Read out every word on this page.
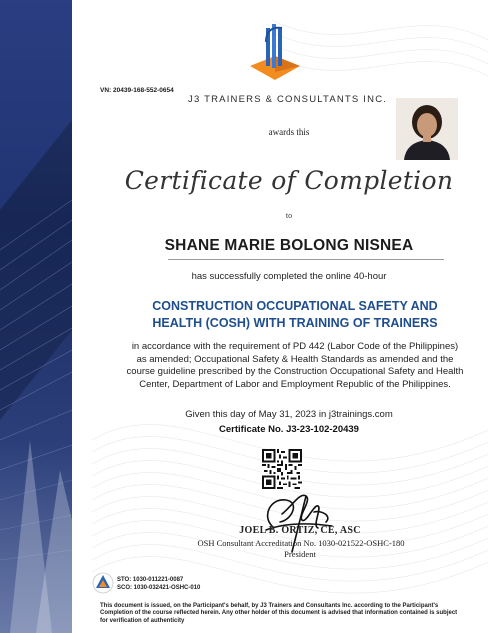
VN: 20439-168-552-0654
J3 TRAINERS & CONSULTANTS INC.
awards this
Certificate of Completion
to
SHANE MARIE BOLONG NISNEA
has successfully completed the online 40-hour
CONSTRUCTION OCCUPATIONAL SAFETY AND HEALTH (COSH) WITH TRAINING OF TRAINERS
in accordance with the requirement of PD 442 (Labor Code of the Philippines) as amended; Occupational Safety & Health Standards as amended and the course guideline prescribed by the Construction Occupational Safety and Health Center, Department of Labor and Employment Republic of the Philippines.
Given this day of May 31, 2023 in j3trainings.com
Certificate No. J3-23-102-20439
JOEL B. ORTIZ, CE, ASC
OSH Consultant Accreditation No. 1030-021522-OSHC-180
President
STO: 1030-011221-0087
SCO: 1030-032421-OSHC-010
This document is issued, on the Participant's behalf, by J3 Trainers and Consultants Inc. according to the Participant's Completion of the course reflected herein. Any other holder of this document is advised that information contained is subject for verification of authenticity
